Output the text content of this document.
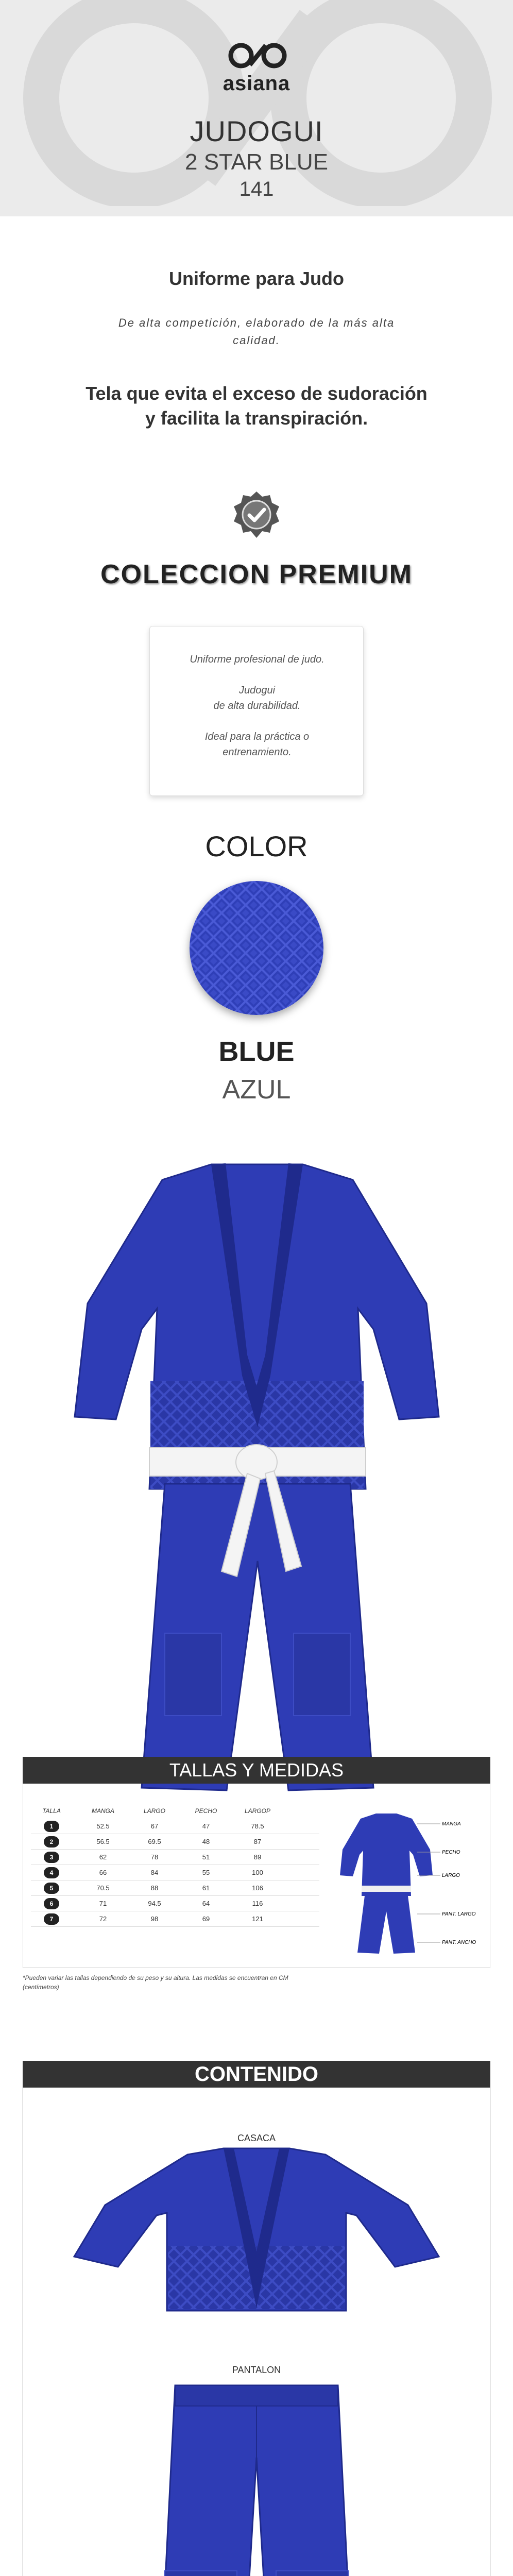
asiana
JUDOGUI
2 STAR BLUE
141
Uniforme para Judo
De alta competición, elaborado de la más alta calidad.
Tela que evita el exceso de sudoración y facilita la transpiración.
COLECCION PREMIUM

Uniforme profesional de judo.

Judogui

de alta durabilidad.

Ideal para la práctica o

entrenamiento.

COLOR
BLUE
AZUL
TALLAS Y MEDIDAS
TALLA	MANGA	LARGO	PECHO	LARGOP
1	52.5	67	47	78.5
2	56.5	69.5	48	87
3	62	78	51	89
4	66	84	55	100
5	70.5	88	61	106
6	71	94.5	64	116
7	72	98	69	121
*Pueden variar las tallas dependiendo de su peso y su altura. Las medidas se encuentran en CM (centímetros)
MANGA
PECHO
LARGO
PANT. LARGO
PANT. ANCHO
CONTENIDO
CASACA
PANTALON
